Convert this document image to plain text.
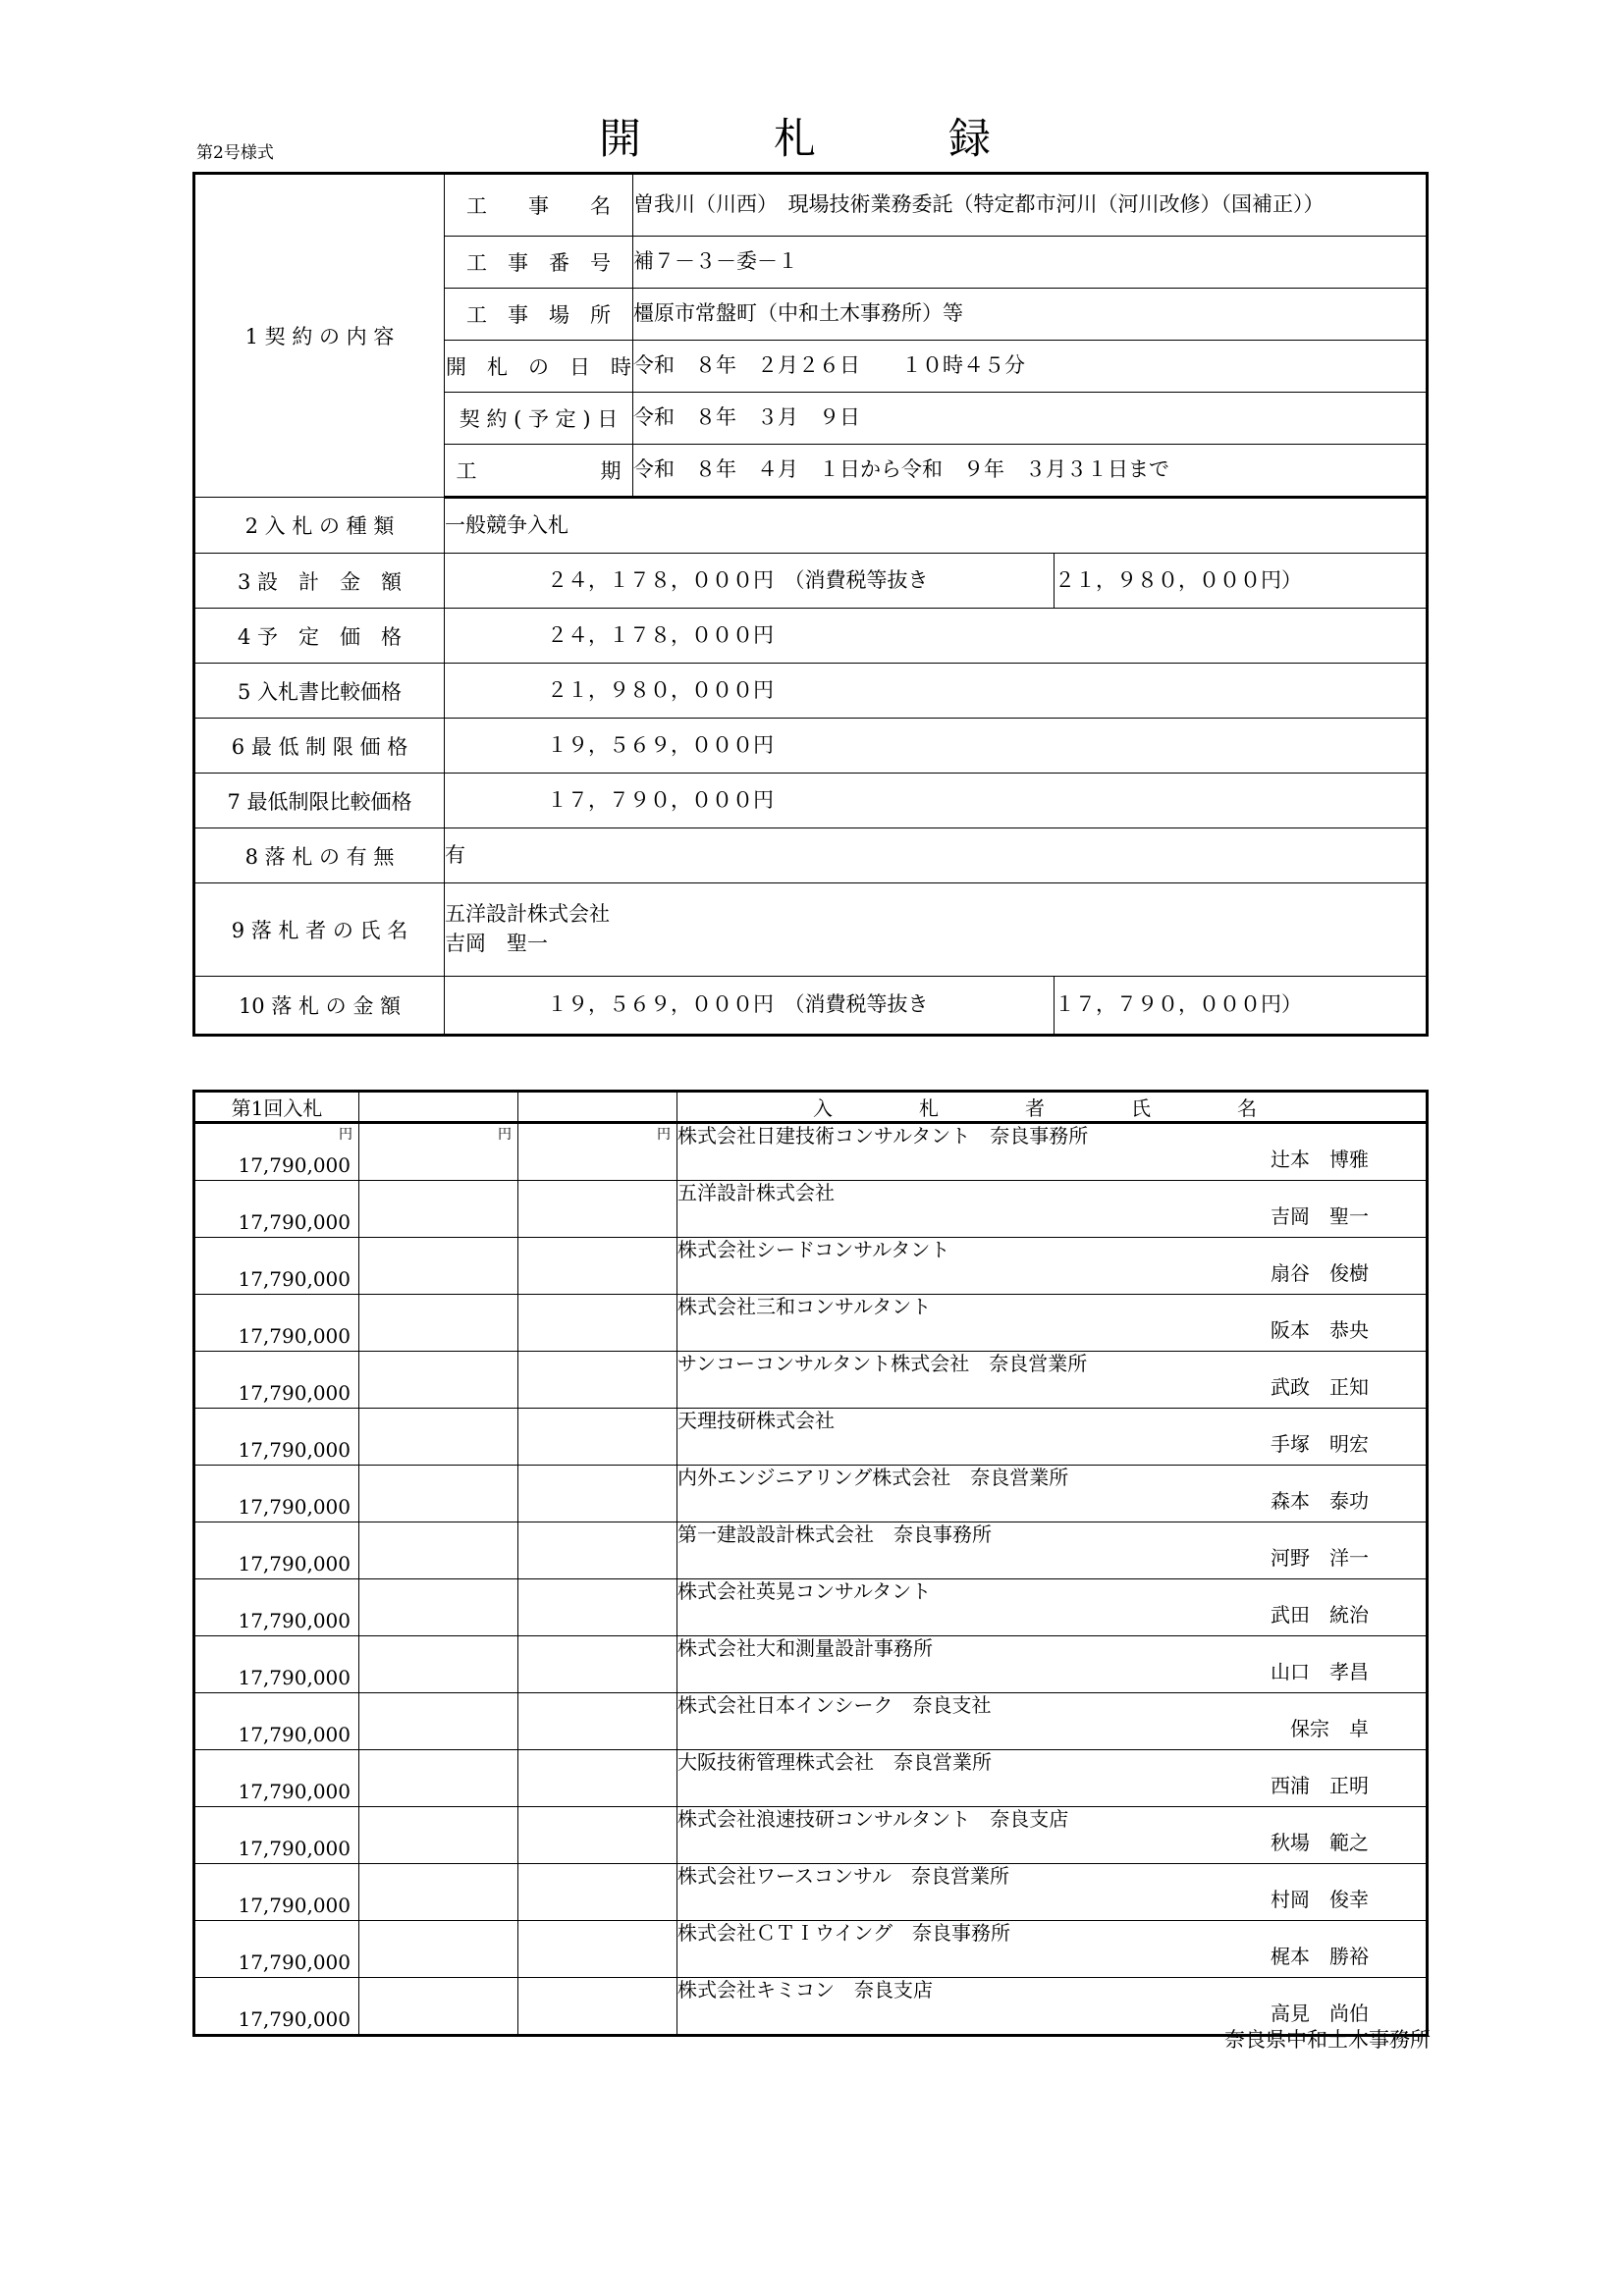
第2号様式	開　札　録
1 契 約 の 内 容	工　　事　　名	曽我川（川西）　現場技術業務委託（特定都市河川（河川改修）（国補正））	
	工　事　番　号	補７－３－委－１	
	工　事　場　所	橿原市常盤町（中和土木事務所）等	
	開　札　の　日　時	令和　８年　２月２６日　　１０時４５分	
	契 約 ( 予 定 ) 日	令和　８年　３月　９日	
	工　　　　　　期	令和　８年　４月　１日から令和　９年　３月３１日まで	
2 入 札 の 種 類	一般競争入札		
3 設　計　金　額	２４，１７８，０００円　（消費税等抜き		２１，９８０，０００円）
4 予　定　価　格	２４，１７８，０００円		
5 入札書比較価格	２１，９８０，０００円		
6 最 低 制 限 価 格	１９，５６９，０００円		
7 最低制限比較価格	１７，７９０，０００円		
8 落 札 の 有 無	有		
9 落 札 者 の 氏 名	五洋設計株式会社
吉岡　聖一		

10 落 札 の 金 額	１９，５６９，０００円　（消費税等抜き		１７，７９０，０００円）
第1回入札			入　札　者　氏　名

円
17,790,000	円	円	株式会社日建技術コンサルタント　奈良事務所
辻本　博雅

17,790,000			五洋設計株式会社
吉岡　聖一

17,790,000			株式会社シードコンサルタント
扇谷　俊樹

17,790,000			株式会社三和コンサルタント
阪本　恭央

17,790,000			サンコーコンサルタント株式会社　奈良営業所
武政　正知

17,790,000			天理技研株式会社
手塚　明宏

17,790,000			内外エンジニアリング株式会社　奈良営業所
森本　泰功

17,790,000			第一建設設計株式会社　奈良事務所
河野　洋一

17,790,000			株式会社英晃コンサルタント
武田　統治

17,790,000			株式会社大和測量設計事務所
山口　孝昌

17,790,000			株式会社日本インシーク　奈良支社
保宗　卓

17,790,000			大阪技術管理株式会社　奈良営業所
西浦　正明

17,790,000			株式会社浪速技研コンサルタント　奈良支店
秋場　範之

17,790,000			株式会社ワースコンサル　奈良営業所
村岡　俊幸

17,790,000			株式会社ＣＴＩウイング　奈良事務所
梶本　勝裕

17,790,000			株式会社キミコン　奈良支店
高見　尚伯
奈良県中和土木事務所
